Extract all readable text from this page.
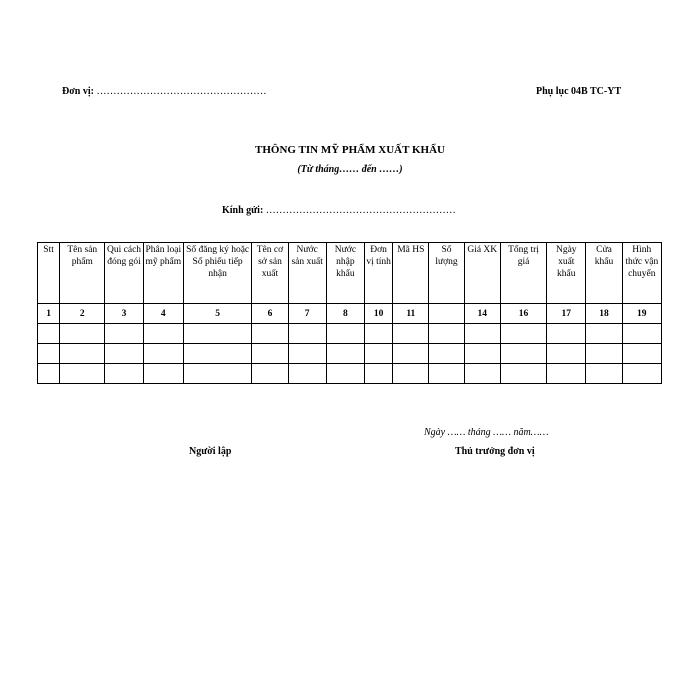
Đơn vị: ……………………………………………	Phụ lục 04B TC-YT
THÔNG TIN MỸ PHẨM XUẤT KHẨU
(Từ tháng…… đến ……)
Kính gửi: …………………………………………………
Stt	Tên sản phẩm	Qui cách đóng gói	Phân loại mỹ phẩm	Số đăng ký hoặc Số phiếu tiếp nhận	Tên cơ sở sản xuất	Nước sản xuất	Nước nhập khẩu	Đơn vị tính	Mã HS	Số lượng	Giá XK	Tổng trị giá	Ngày xuất khẩu	Cửa khẩu	Hình thức vận chuyển
1	2	3	4	5	6	7	8	10	11		14	16	17	18	19

Ngày …… tháng …… năm……
Người lập	Thủ trưởng đơn vị
